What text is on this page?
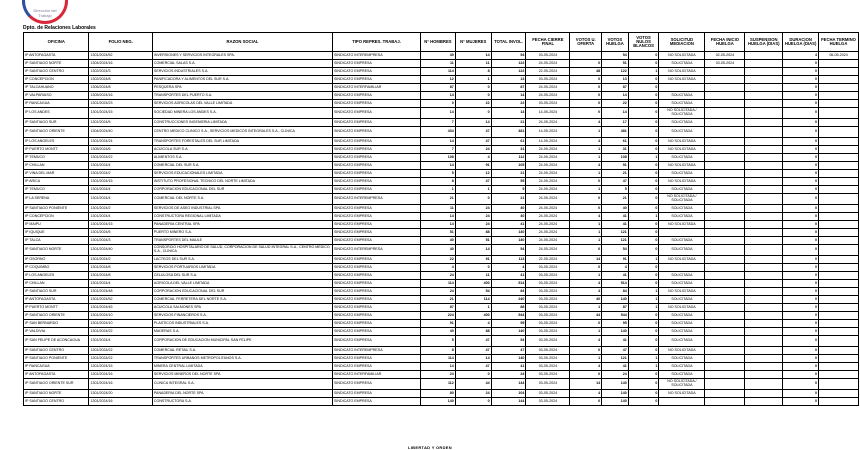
Dirección del
Trabajo
Dpto. de Relaciones Laborales
OFICINA	FOLIO NEG.	RAZON SOCIAL	TIPO REPRES. TRABAJ.	N° HOMBRES	N° MUJERES	TOTAL INVOL.	FECHA CIERRE FINAL	VOTOS U. OFERTA	VOTOS HUELGA	VOTOS NULOS BLANCOS	SOLICITUD MEDIACION	FECHA INICIO HUELGA	SUSPENSION HUELGA (DIAS)	DURACION HUELGA (DIAS)	FECHA TERMINO HUELGA
IP ANTOFAGASTA	1301/2024/52	INVERSIONES Y SERVICIOS INTEGRALES SPA.	SINDICATO INTEREMPRESA	40	14	54	03-05-2024		54	0	NO SOLICITADA	02-05-2024		4	06-05-2024
IP SANTIAGO NORTE	1304/2024/16	COMERCIAL SALAS S.A.	SINDICATO EMPRESA	11	11	122	24-05-2024	0	51	0	SOLICITADA	03-05-2024		0	
IP SANTIAGO CENTRO	1302/2024/3	SERVICIOS INDUSTRIALES S.A.	SINDICATO EMPRESA	114	8	122	22-05-2024	48	122	1	NO SOLICITADA			0	
IP CONCEPCION	1302/2024/8	PANIFICADORA Y ALIMENTOS DEL SUR S.A.	SINDICATO EMPRESA	12	1	13	03-05-2024	0	13	0	NO SOLICITADA			0	
IP TALCAHUANO	1306/2024/8	PESQUERA SPA	SINDICATO INTERFAMILIAR	87	0	87	24-05-2024	0	87	0				0	
IP VALPARAISO	1305/2024/16	TRANSPORTES DEL PUERTO S.A.	SINDICATO EMPRESA	14	0	14	24-05-2024	0	14	0	SOLICITADA			0	
IP RANCAGUA	1301/2024/23	SERVICIOS AGRICOLAS DEL VALLE LIMITADA	SINDICATO EMPRESA	0	22	22	03-05-2024	0	22	0	SOLICITADA			0	
IP LOS ANDES	1301/2024/15	SOCIEDAD MINERA LOS ANDES S.A.	SINDICATO EMPRESA	14	0	14	14-05-2024	0	14	0	NO SOLICITADA / SOLICITADA			0	
IP SANTIAGO SUR	1301/2024/5	CONSTRUCCIONES INGENIERIA LIMITADA	SINDICATO EMPRESA	7	14	21	24-05-2024	4	17	0	SOLICITADA			0	
IP SANTIAGO ORIENTE	1304/2024/40	CENTRO MEDICO CLINICO S.A., SERVICIOS MEDICOS INTEGRALES S.A., CLINICA	SINDICATO EMPRESA	434	47	481	14-05-2024	1	481	0	SOLICITADA			0	
IP LOS ANGELES	1301/2024/24	TRANSPORTES FORESTALES DEL SUR LIMITADA	SINDICATO EMPRESA	14	47	61	14-05-2024	4	61	0	NO SOLICITADA			0	
IP PUERTO MONTT	1305/2024/6	ACUICOLA SUR S.A.	SINDICATO EMPRESA	7	24	31	24-05-2024	1	31	0	NO SOLICITADA			0	
IP TEMUCO	1301/2024/22	ALIMENTOS S.A.	SINDICATO EMPRESA	108	4	112	24-05-2024	1	108	1	SOLICITADA			0	
IP CHILLAN	1301/2024/4	COMERCIAL DEL SUR S.A.	SINDICATO EMPRESA	14	91	105	24-05-2024	4	91	0	NO SOLICITADA			0	
IP VINA DEL MAR	1301/2024/2	SERVICIOS EDUCACIONALES LIMITADA	SINDICATO EMPRESA	5	12	21	24-05-2024	1	21	0	SOLICITADA			0	
IP ARICA	1301/2024/15	INSTITUTO PROFESIONAL TECNICO DEL NORTE LIMITADA	SINDICATO EMPRESA	8	47	55	24-05-2024	0	47	0	NO SOLICITADA			0	
IP TEMUCO	1301/2024/4	CORPORACION EDUCACIONAL DEL SUR	SINDICATO EMPRESA	1	1	5	24-05-2024	1	5	0	SOLICITADA			0	
IP LA SERENA	1301/2024/4	COMERCIAL DEL NORTE S.A.	SINDICATO INTEREMPRESA	21	0	21	24-05-2024	0	21	0	NO SOLICITADA / SOLICITADA			0	
IP SANTIAGO PONIENTE	1301/2024/2	SERVICIOS DE ASEO INDUSTRIAL SPA	SINDICATO EMPRESA	11	24	40	24-05-2024	0	40	0	SOLICITADA			0	
IP CONCEPCION	1301/2024/4	CONSTRUCTORA REGIONAL LIMITADA	SINDICATO EMPRESA	14	24	40	24-05-2024	4	41	1	SOLICITADA			0	
IP MAIPU	1301/2024/15	PANADERIA CENTRAL SPA	SINDICATO EMPRESA	14	24	41	24-05-2024	1	41	0	NO SOLICITADA			0	
IP IQUIQUE	1301/2024/5	PUERTO MINERO S.A.	SINDICATO EMPRESA	51	88	140	24-05-2024	1	121	0				0	
IP TALCA	1301/2024/3	TRANSPORTES DEL MAULE	SINDICATO EMPRESA	40	51	140	24-05-2024	1	121	0	SOLICITADA			0	
IP SANTIAGO NORTE	1301/2024/40	CONSORCIO HOSPITALARIO DE SALUD, CORPORACION DE SALUD INTEGRAL S.A., CENTRO MEDICO S.A., CLINICA	SINDICATO INTEREMPRESA	40	14	54	24-05-2024	0	54	0	SOLICITADA			0	
IP OSORNO	1301/2024/2	LACTEOS DEL SUR S.A.	SINDICATO EMPRESA	22	91	113	22-05-2024	14	91	1	NO SOLICITADA			0	
IP COQUIMBO	1301/2024/8	SERVICIOS PORTUARIOS LIMITADA	SINDICATO EMPRESA	4	0	4	03-05-2024	0	4	0				0	
IP LOS ANGELES	1301/2024/8	CELULOSA DEL SUR S.A.	SINDICATO EMPRESA	24	11	41	03-05-2024	1	41	0	SOLICITADA			0	
IP CHILLAN	1301/2024/4	AGRICOLA DEL VALLE LIMITADA	SINDICATO EMPRESA	114	400	514	03-05-2024	4	514	0	SOLICITADA			0	
IP SANTIAGO SUR	1301/2024/48	CORPORACION EDUCACIONAL DEL SUR	SINDICATO EMPRESA	24	54	84	03-05-2024	4	84	1	NO SOLICITADA			0	
IP ANTOFAGASTA	1301/2024/52	COMERCIAL FERRETERA DEL NORTE S.A.	SINDICATO EMPRESA	21	114	240	03-05-2024	40	140	1	SOLICITADA			0	
IP PUERTO MONTT	1301/2024/45	ACUICOLA SALMONES SPA	SINDICATO EMPRESA	87	1	88	03-05-2024	1	87	1	NO SOLICITADA			0	
IP SANTIAGO ORIENTE	1301/2024/10	SERVICIOS FINANCIEROS S.A.	SINDICATO EMPRESA	224	400	544	03-05-2024	44	544	0	SOLICITADA			0	
IP SAN BERNARDO	1301/2024/10	PLASTICOS INDUSTRIALES S.A.	SINDICATO EMPRESA	91	4	95	03-05-2024	0	95	0	SOLICITADA			0	
IP VALDIVIA	1301/2024/22	MADERAS S.A.	SINDICATO EMPRESA	40	88	140	03-05-2024	1	140	0	SOLICITADA			0	
IP SAN FELIPE DE ACONCAGUA	1301/2024/4	CORPORACION DE EDUCACION MUNICIPAL SAN FELIPE	SINDICATO EMPRESA	5	47	54	03-05-2024	4	41	0	SOLICITADA			0	
IP SANTIAGO CENTRO	1301/2024/22	COMERCIAL RETAIL S.A.	SINDICATO INTEREMPRESA	8	47	47	03-05-2024	0	47	0	NO SOLICITADA			0	
IP SANTIAGO PONIENTE	1301/2024/22	TRANSPORTES URBANOS METROPOLITANOS S.A.	SINDICATO EMPRESA	114	14	140	03-05-2024	1	121	1	SOLICITADA			0	
IP RANCAGUA	1301/2024/15	MINERA CENTRAL LIMITADA	SINDICATO EMPRESA	14	47	41	03-05-2024	4	41	1	SOLICITADA			0	
IP ANTOFAGASTA	1301/2024/16	SERVICIOS MINEROS DEL NORTE SPA	SINDICATO INTERFAMILIAR	24	0	24	03-05-2024	0	24	0	SOLICITADA			0	
IP SANTIAGO ORIENTE SUR	1301/2024/16	CLINICA INTEGRAL S.A.	SINDICATO EMPRESA	112	44	144	03-05-2024	14	140	0	NO SOLICITADA / SOLICITADA			0	
IP SANTIAGO NORTE	1301/2024/20	PANADERIA DEL NORTE SPA	SINDICATO EMPRESA	80	24	104	03-05-2024	4	140	0	NO SOLICITADA			0	
IP SANTIAGO CENTRO	1301/2024/16	CONSTRUCTORA S.A.	SINDICATO EMPRESA	140	0	144	03-05-2024	0	140	0				0	
LIBERTAD Y ORDEN
